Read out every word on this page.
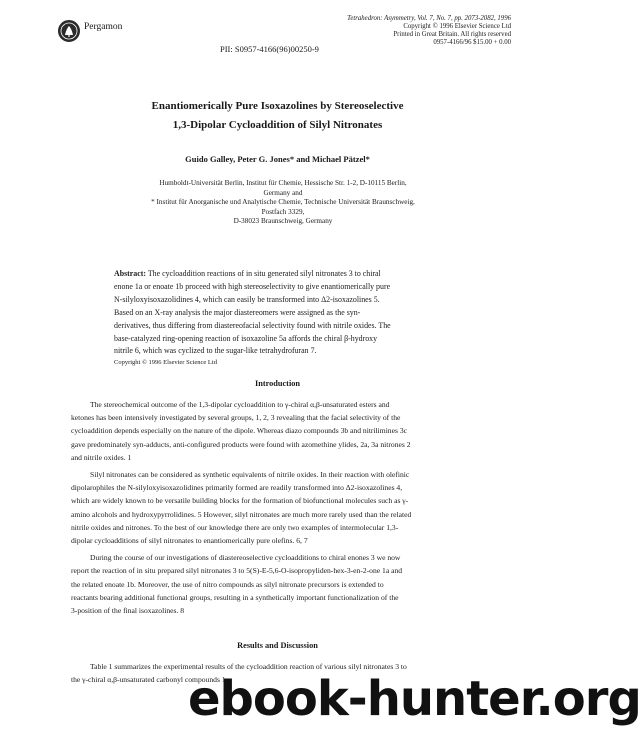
Pergamon
Tetrahedron: Asymmetry, Vol. 7, No. 7, pp. 2073-2082, 1996
Copyright © 1996 Elsevier Science Ltd
Printed in Great Britain. All rights reserved
0957-4166/96 $15.00 + 0.00
PII: S0957-4166(96)00250-9
Enantiomerically Pure Isoxazolines by Stereoselective
1,3-Dipolar Cycloaddition of Silyl Nitronates
Guido Galley, Peter G. Jones* and Michael Pätzel*
Humboldt-Universität Berlin, Institut für Chemie, Hessische Str. 1-2, D-10115 Berlin, Germany and
* Institut für Anorganische und Analytische Chemie, Technische Universität Braunschweig, Postfach 3329,
D-38023 Braunschweig, Germany
Abstract: The cycloaddition reactions of in situ generated silyl nitronates 3 to chiral
enone 1a or enoate 1b proceed with high stereoselectivity to give enantiomerically pure
N-silyloxyisoxazolidines 4, which can easily be transformed into Δ2-isoxazolines 5.
Based on an X-ray analysis the major diastereomers were assigned as the syn-
derivatives, thus differing from diastereofacial selectivity found with nitrile oxides. The
base-catalyzed ring-opening reaction of isoxazoline 5a affords the chiral β-hydroxy
nitrile 6, which was cyclized to the sugar-like tetrahydrofuran 7.
Copyright © 1996 Elsevier Science Ltd
Introduction
The stereochemical outcome of the 1,3-dipolar cycloaddition to γ-chiral α,β-unsaturated esters and
ketones has been intensively investigated by several groups, 1, 2, 3 revealing that the facial selectivity of the
cycloaddition depends especially on the nature of the dipole. Whereas diazo compounds 3b and nitrilimines 3c
gave predominately syn-adducts, anti-configured products were found with azomethine ylides, 2a, 3a nitrones 2
and nitrile oxides. 1
Silyl nitronates can be considered as synthetic equivalents of nitrile oxides. In their reaction with olefinic
dipolarophiles the N-silyloxyisoxazolidines primarily formed are readily transformed into Δ2-isoxazolines 4,
which are widely known to be versatile building blocks for the formation of biofunctional molecules such as γ-
amino alcohols and hydroxypyrrolidines. 5 However, silyl nitronates are much more rarely used than the related
nitrile oxides and nitrones. To the best of our knowledge there are only two examples of intermolecular 1,3-
dipolar cycloadditions of silyl nitronates to enantiomerically pure olefins. 6, 7
During the course of our investigations of diastereoselective cycloadditions to chiral enones 3 we now
report the reaction of in situ prepared silyl nitronates 3 to 5(S)-E-5,6-O-isopropyliden-hex-3-en-2-one 1a and
the related enoate 1b. Moreover, the use of nitro compounds as silyl nitronate precursors is extended to
reactants bearing additional functional groups, resulting in a synthetically important functionalization of the
3-position of the final isoxazolines. 8
Results and Discussion
Table 1 summarizes the experimental results of the cycloaddition reaction of various silyl nitronates 3 to
the γ-chiral α,β-unsaturated carbonyl compounds 1.
ebook-hunter.org
